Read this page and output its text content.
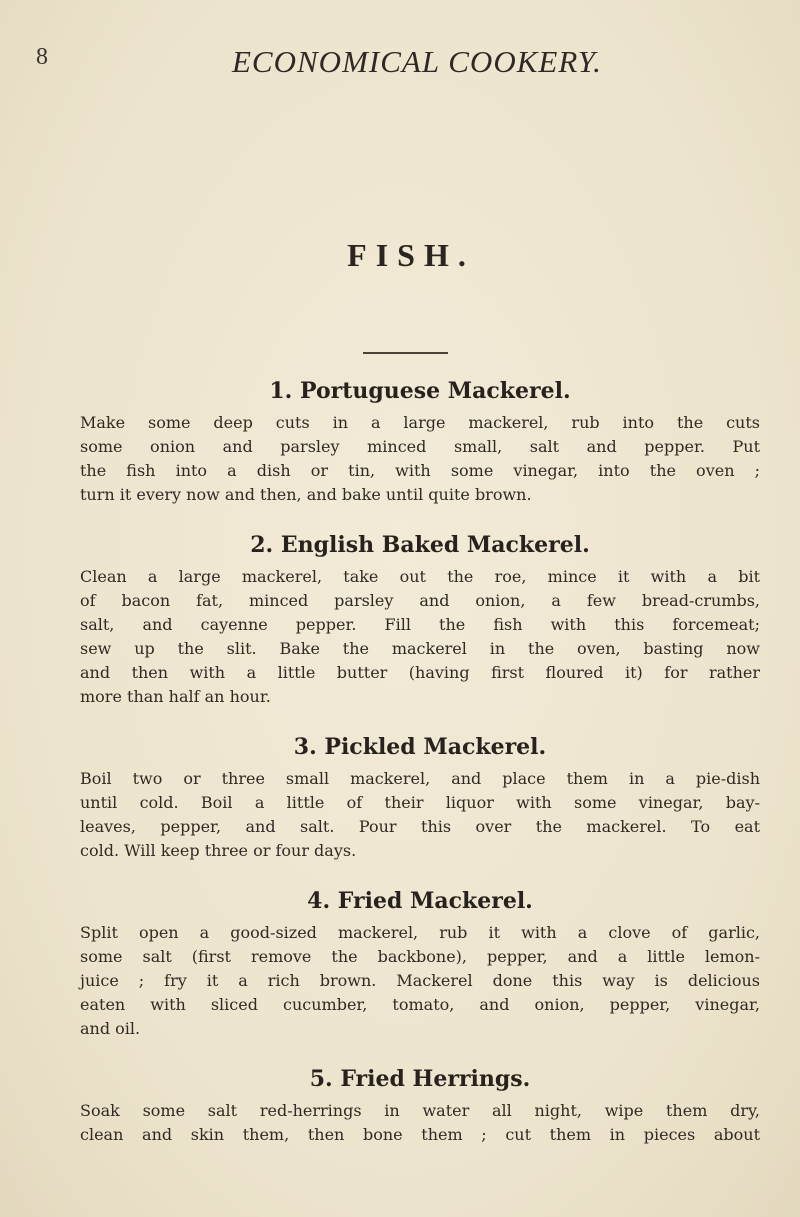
8	ECONOMICAL COOKERY.
FISH.
1. Portuguese Mackerel.

Make some deep cuts in a large mackerel, rub into the cuts
some onion and parsley minced small, salt and pepper. Put
the fish into a dish or tin, with some vinegar, into the oven ;
turn it every now and then, and bake until quite brown.

2. English Baked Mackerel.

Clean a large mackerel, take out the roe, mince it with a bit
of bacon fat, minced parsley and onion, a few bread-crumbs,
salt, and cayenne pepper. Fill the fish with this forcemeat;
sew up the slit. Bake the mackerel in the oven, basting now
and then with a little butter (having first floured it) for rather
more than half an hour.

3. Pickled Mackerel.

Boil two or three small mackerel, and place them in a pie-dish
until cold. Boil a little of their liquor with some vinegar, bay-
leaves, pepper, and salt. Pour this over the mackerel. To eat
cold. Will keep three or four days.

4. Fried Mackerel.

Split open a good-sized mackerel, rub it with a clove of garlic,
some salt (first remove the backbone), pepper, and a little lemon-
juice ; fry it a rich brown. Mackerel done this way is delicious
eaten with sliced cucumber, tomato, and onion, pepper, vinegar,
and oil.

5. Fried Herrings.

Soak some salt red-herrings in water all night, wipe them dry,
clean and skin them, then bone them ; cut them in pieces about
